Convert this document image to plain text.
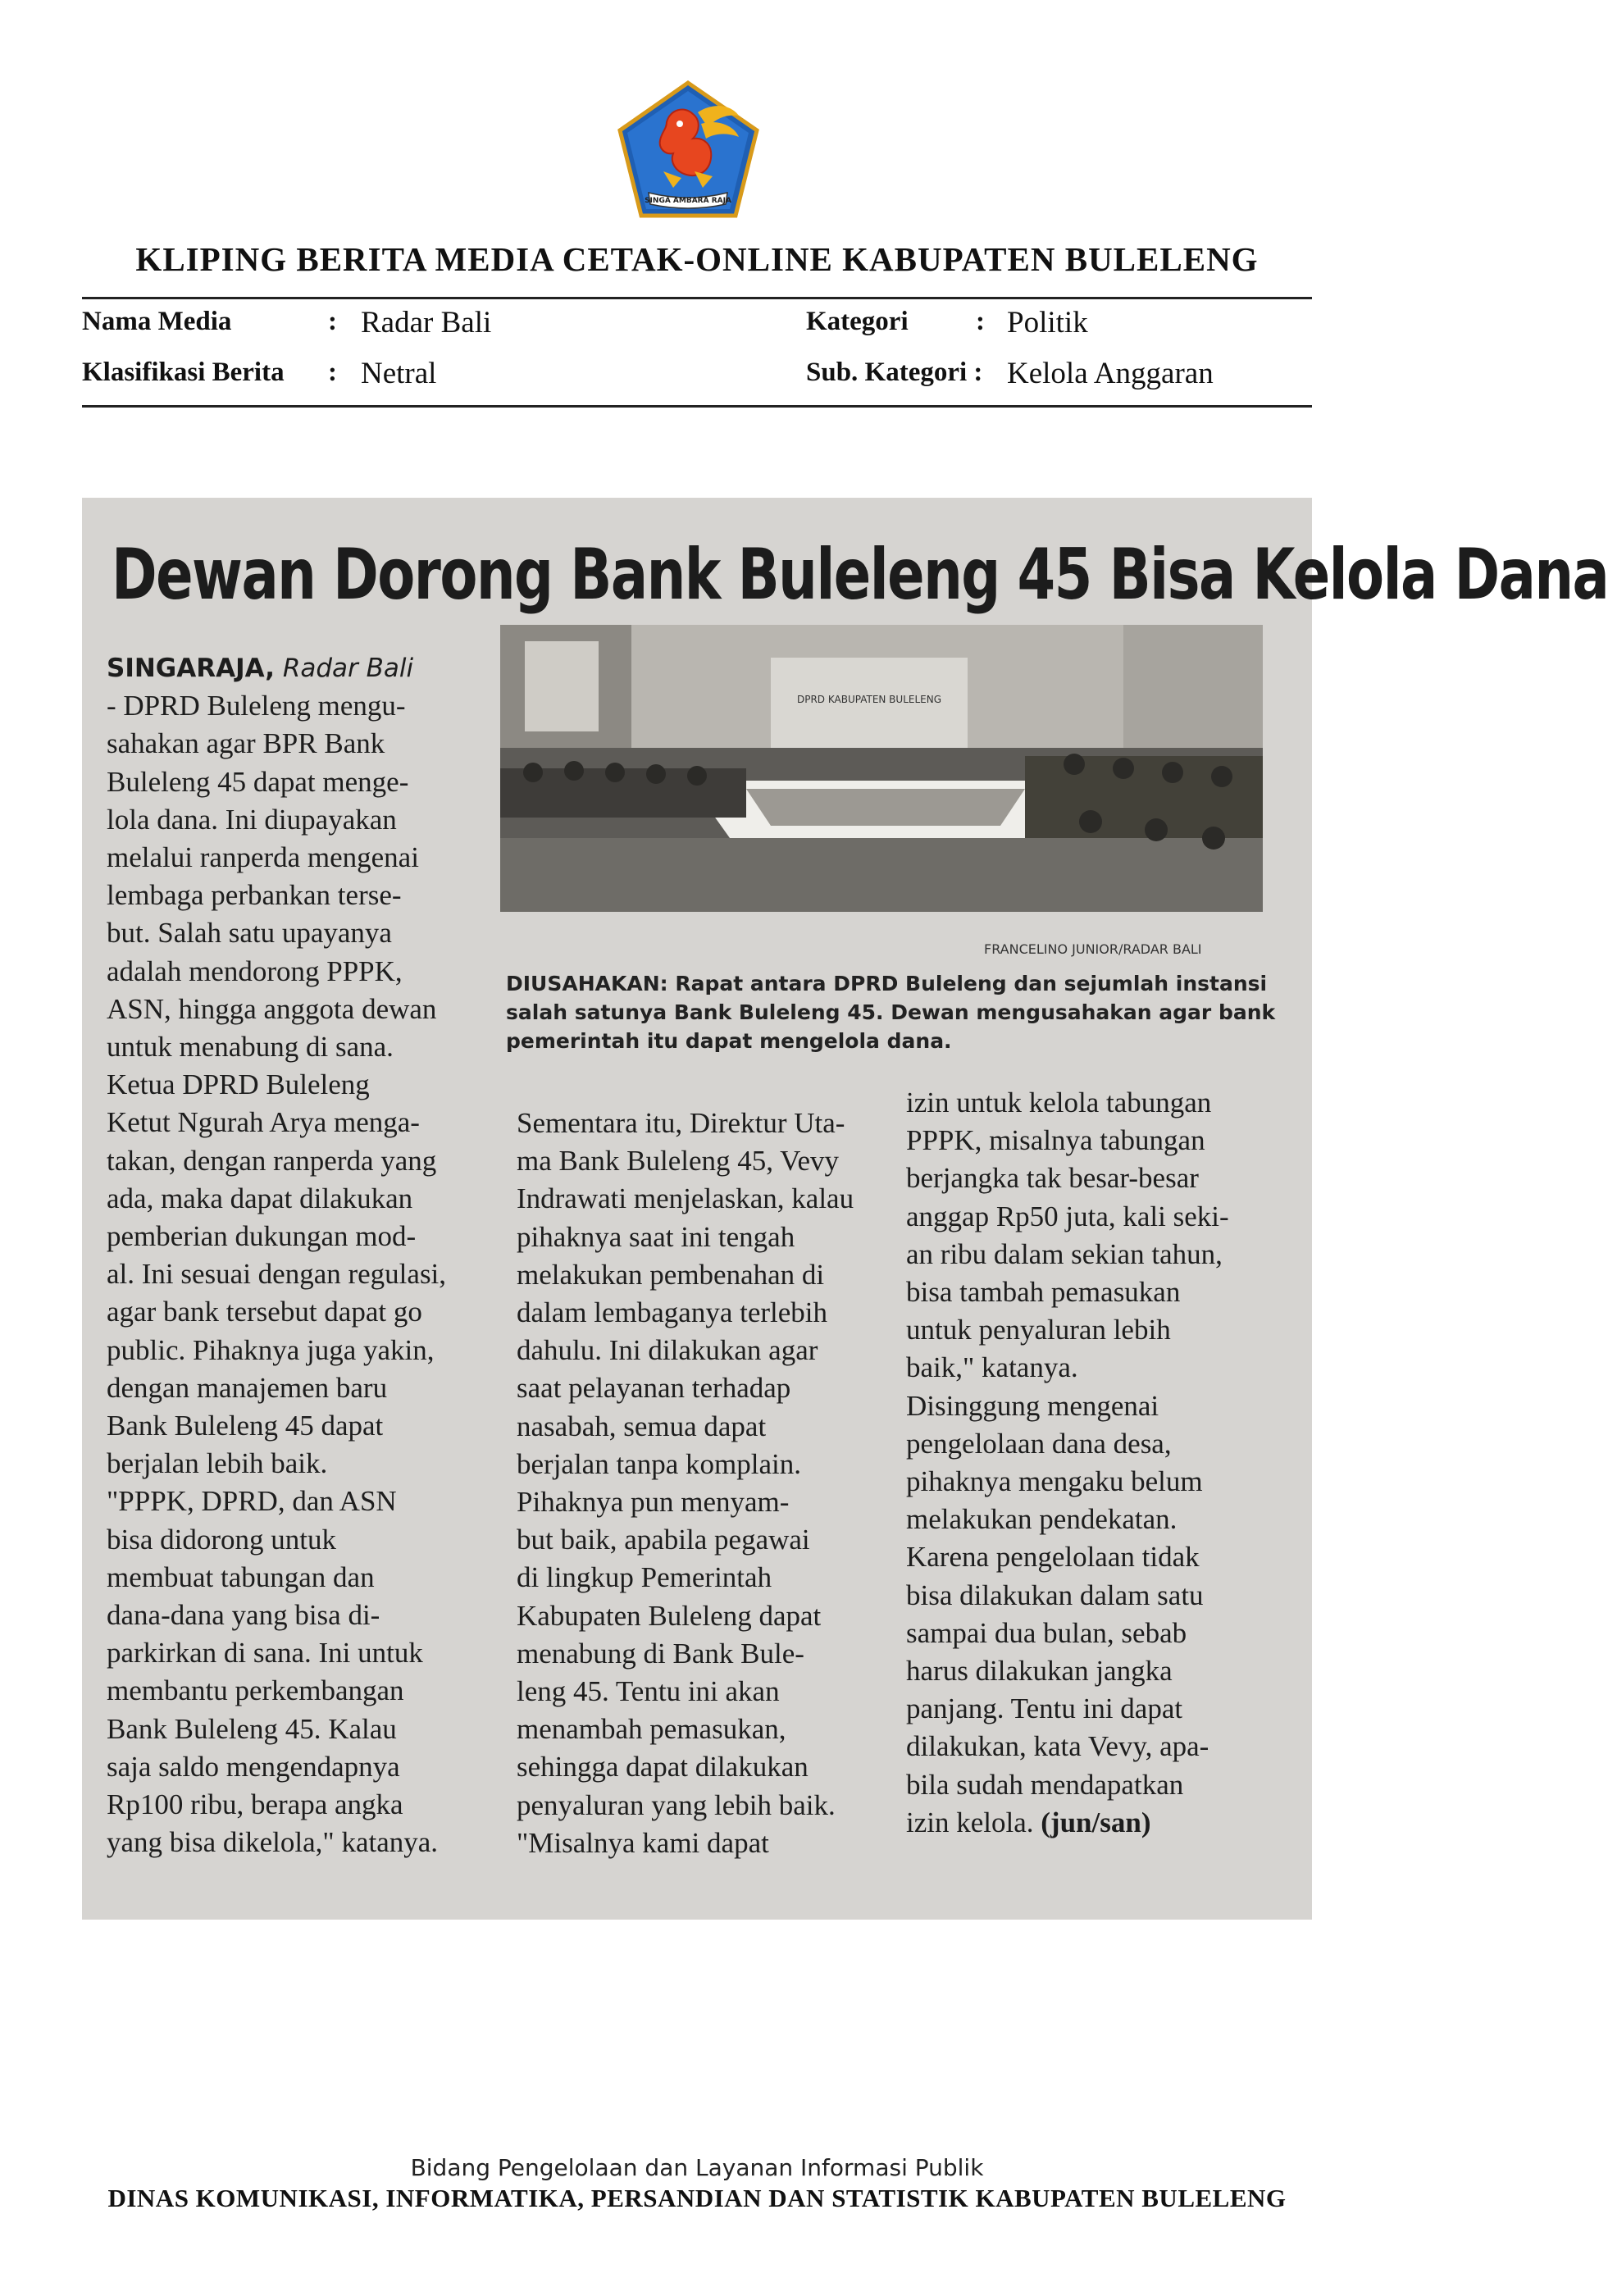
SINGA AMBARA RAJA
KLIPING BERITA MEDIA CETAK-ONLINE KABUPATEN BULELENG
Nama Media	: Radar Bali	Kategori : Politik
Klasifikasi Berita : Netral	Sub. Kategori : Kelola Anggaran
Dewan Dorong Bank Buleleng 45 Bisa Kelola Dana
DPRD KABUPATEN BULELENG
FRANCELINO JUNIOR/RADAR BALI
DIUSAHAKAN: Rapat antara DPRD Buleleng dan sejumlah instansi
salah satunya Bank Buleleng 45. Dewan mengusahakan agar bank
pemerintah itu dapat mengelola dana.

SINGARAJA, Radar Bali

- DPRD Buleleng mengu-

sahakan agar BPR Bank

Buleleng 45 dapat menge-

lola dana. Ini diupayakan

melalui ranperda mengenai

lembaga perbankan terse-

but. Salah satu upayanya

adalah mendorong PPPK,

ASN, hingga anggota dewan

untuk menabung di sana.

Ketua DPRD Buleleng

Ketut Ngurah Arya menga-

takan, dengan ranperda yang

ada, maka dapat dilakukan

pemberian dukungan mod-

al. Ini sesuai dengan regulasi,

agar bank tersebut dapat go

public. Pihaknya juga yakin,

dengan manajemen baru

Bank Buleleng 45 dapat

berjalan lebih baik.

"PPPK, DPRD, dan ASN

bisa didorong untuk

membuat tabungan dan

dana-dana yang bisa di-

parkirkan di sana. Ini untuk

membantu perkembangan

Bank Buleleng 45. Kalau

saja saldo mengendapnya

Rp100 ribu, berapa angka

yang bisa dikelola," katanya.

Sementara itu, Direktur Uta-

ma Bank Buleleng 45, Vevy

Indrawati menjelaskan, kalau

pihaknya saat ini tengah

melakukan pembenahan di

dalam lembaganya terlebih

dahulu. Ini dilakukan agar

saat pelayanan terhadap

nasabah, semua dapat

berjalan tanpa komplain.

Pihaknya pun menyam-

but baik, apabila pegawai

di lingkup Pemerintah

Kabupaten Buleleng dapat

menabung di Bank Bule-

leng 45. Tentu ini akan

menambah pemasukan,

sehingga dapat dilakukan

penyaluran yang lebih baik.

"Misalnya kami dapat

izin untuk kelola tabungan

PPPK, misalnya tabungan

berjangka tak besar-besar

anggap Rp50 juta, kali seki-

an ribu dalam sekian tahun,

bisa tambah pemasukan

untuk penyaluran lebih

baik," katanya.

Disinggung mengenai

pengelolaan dana desa,

pihaknya mengaku belum

melakukan pendekatan.

Karena pengelolaan tidak

bisa dilakukan dalam satu

sampai dua bulan, sebab

harus dilakukan jangka

panjang. Tentu ini dapat

dilakukan, kata Vevy, apa-

bila sudah mendapatkan

izin kelola. (jun/san)

Bidang Pengelolaan dan Layanan Informasi Publik
DINAS KOMUNIKASI, INFORMATIKA, PERSANDIAN DAN STATISTIK KABUPATEN BULELENG
